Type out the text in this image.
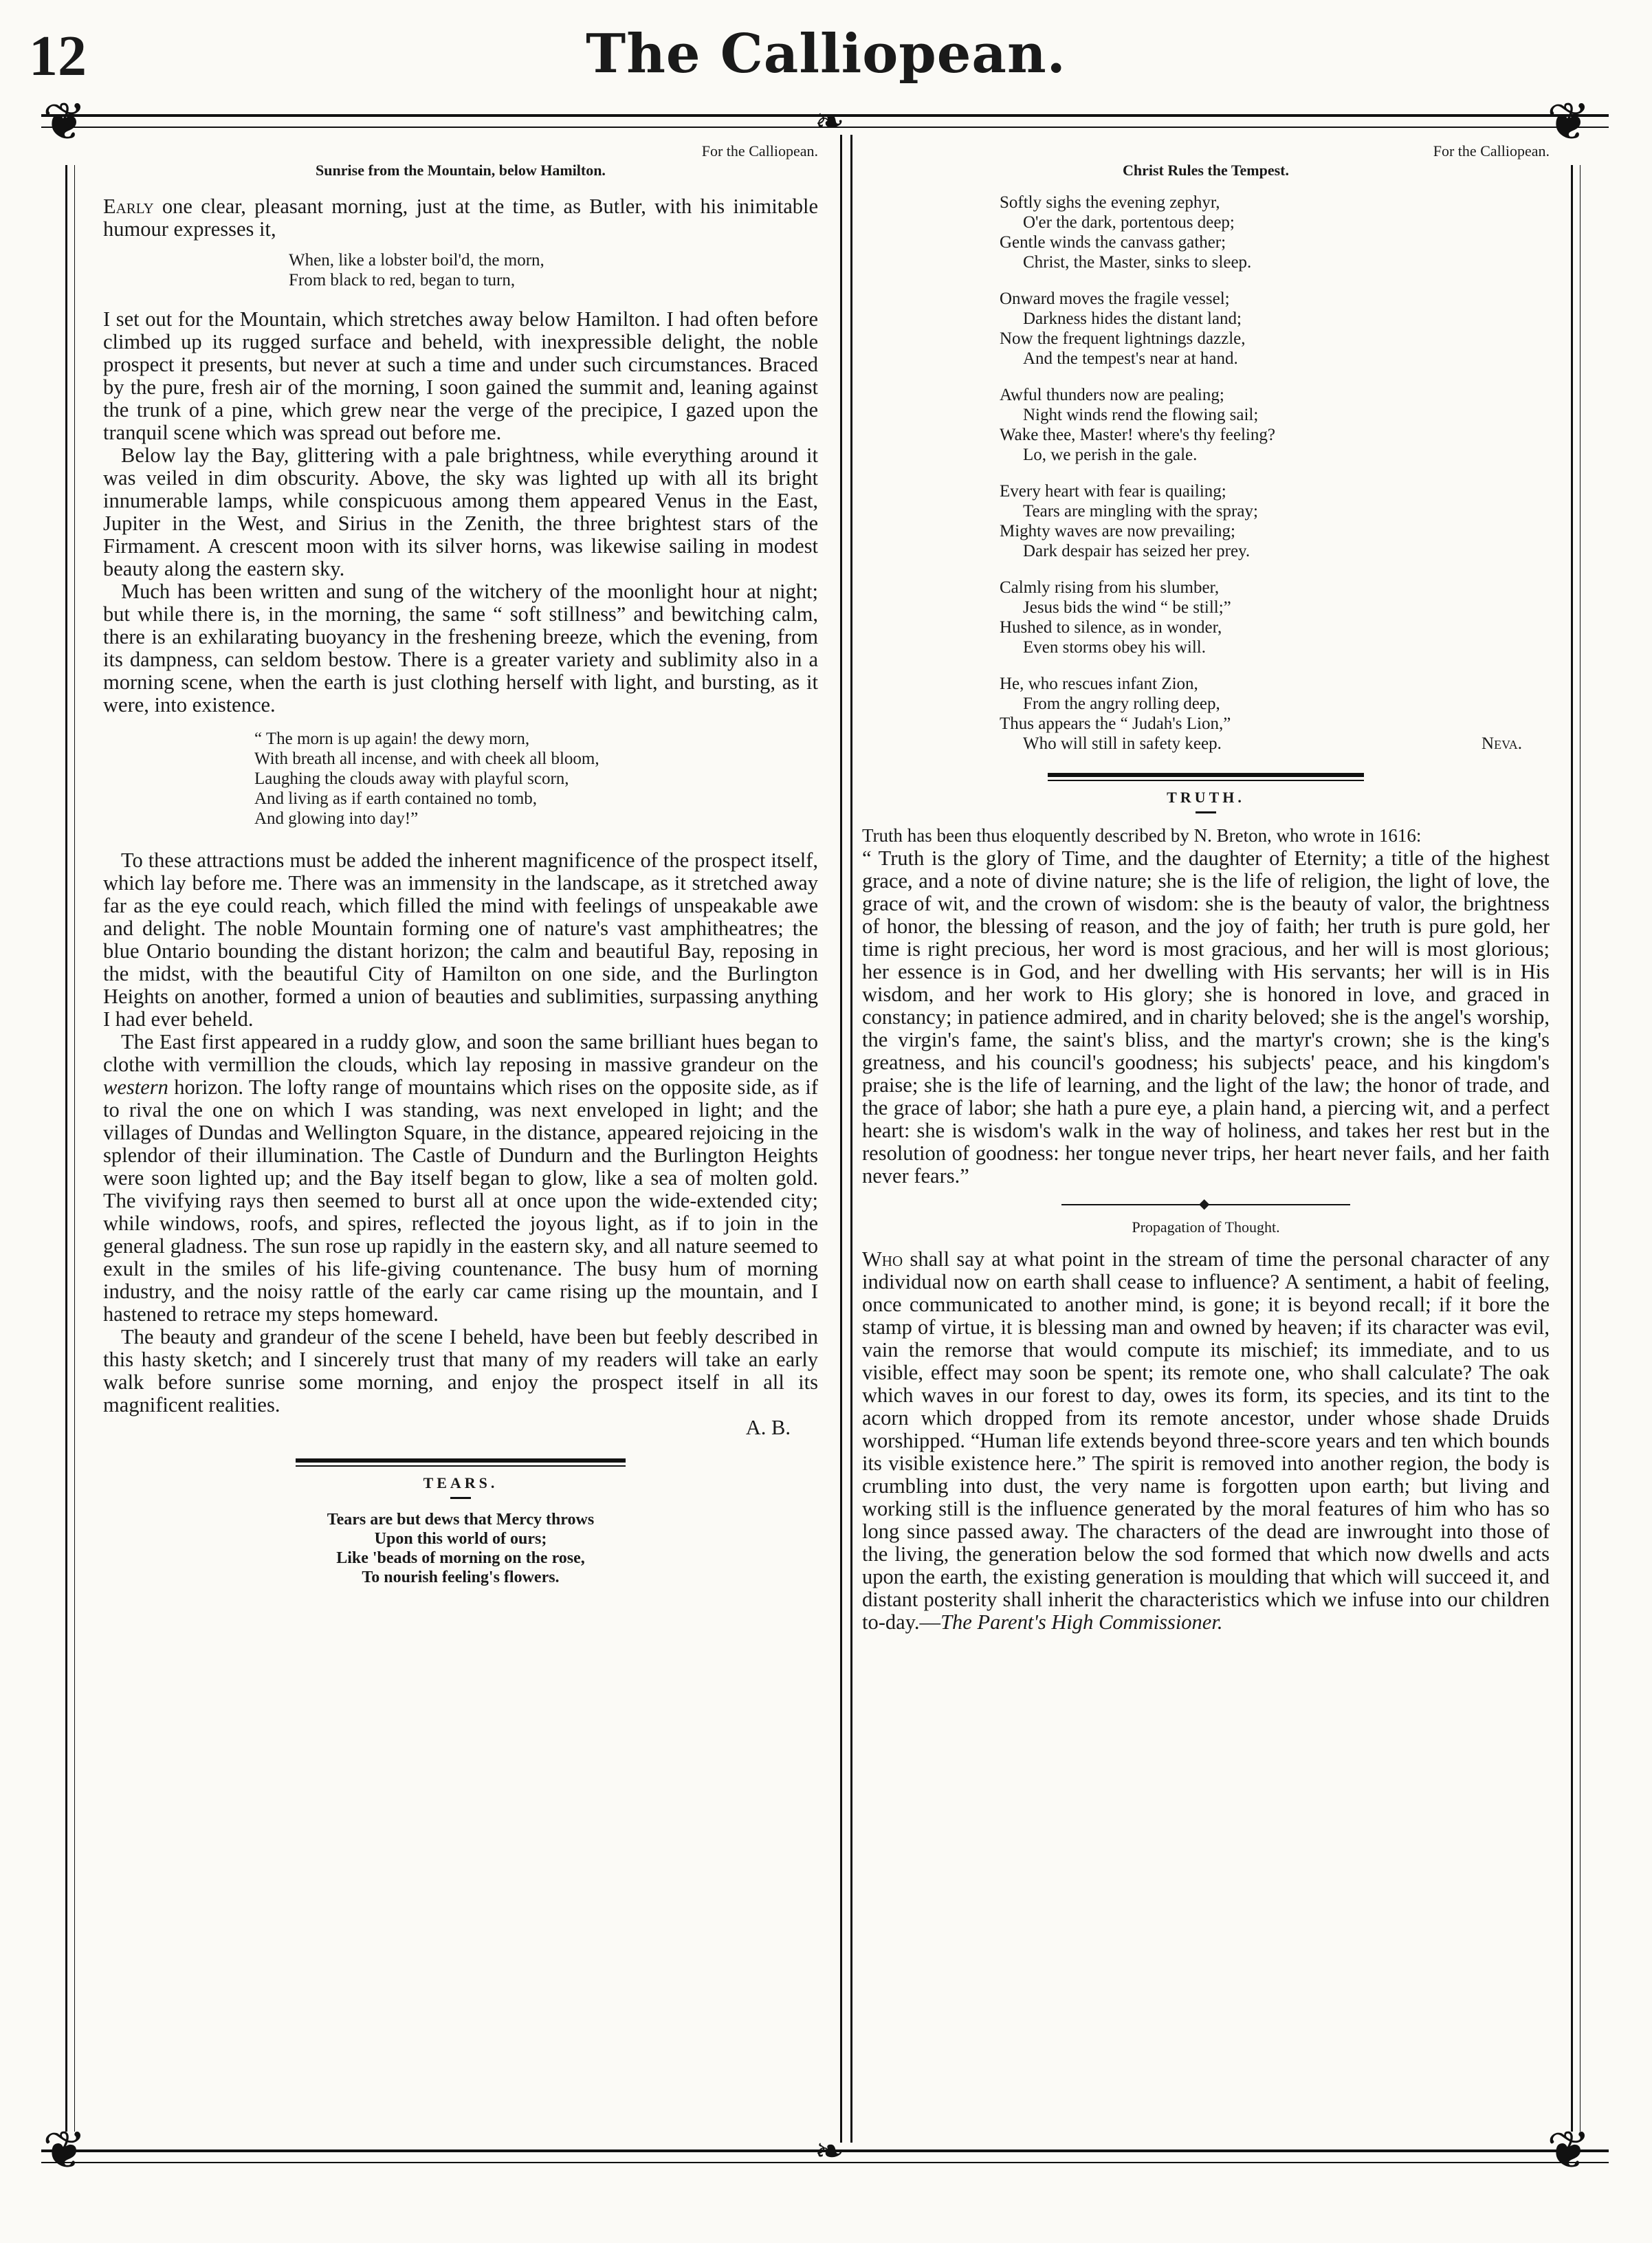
12	The Calliopean.
❦	❦
❦	❦
❧
❧
For the Calliopean.
Sunrise from the Mountain, below Hamilton.

Early one clear, pleasant morning, just at the time, as Butler, with his inimitable humour expresses it,

When, like a lobster boil'd, the morn,
From black to red, began to turn,

I set out for the Mountain, which stretches away below Hamilton. I had often before climbed up its rugged surface and beheld, with inexpressible delight, the noble prospect it presents, but never at such a time and under such circumstances. Braced by the pure, fresh air of the morning, I soon gained the summit and, leaning against the trunk of a pine, which grew near the verge of the precipice, I gazed upon the tranquil scene which was spread out before me.

Below lay the Bay, glittering with a pale brightness, while everything around it was veiled in dim obscurity. Above, the sky was lighted up with all its bright innumerable lamps, while conspicuous among them appeared Venus in the East, Jupiter in the West, and Sirius in the Zenith, the three brightest stars of the Firmament. A crescent moon with its silver horns, was likewise sailing in modest beauty along the eastern sky.

Much has been written and sung of the witchery of the moonlight hour at night; but while there is, in the morning, the same “ soft stillness” and bewitching calm, there is an exhilarating buoyancy in the freshening breeze, which the evening, from its dampness, can seldom bestow. There is a greater variety and sublimity also in a morning scene, when the earth is just clothing herself with light, and bursting, as it were, into existence.

“ The morn is up again! the dewy morn,
With breath all incense, and with cheek all bloom,
Laughing the clouds away with playful scorn,
And living as if earth contained no tomb,
And glowing into day!”

To these attractions must be added the inherent magnificence of the prospect itself, which lay before me. There was an immensity in the landscape, as it stretched away far as the eye could reach, which filled the mind with feelings of unspeakable awe and delight. The noble Mountain forming one of nature's vast amphitheatres; the blue Ontario bounding the distant horizon; the calm and beautiful Bay, reposing in the midst, with the beautiful City of Hamilton on one side, and the Burlington Heights on another, formed a union of beauties and sublimities, surpassing anything I had ever beheld.

The East first appeared in a ruddy glow, and soon the same brilliant hues began to clothe with vermillion the clouds, which lay reposing in massive grandeur on the western horizon. The lofty range of mountains which rises on the opposite side, as if to rival the one on which I was standing, was next enveloped in light; and the villages of Dundas and Wellington Square, in the distance, appeared rejoicing in the splendor of their illumination. The Castle of Dundurn and the Burlington Heights were soon lighted up; and the Bay itself began to glow, like a sea of molten gold. The vivifying rays then seemed to burst all at once upon the wide-extended city; while windows, roofs, and spires, reflected the joyous light, as if to join in the general gladness. The sun rose up rapidly in the eastern sky, and all nature seemed to exult in the smiles of his life-giving countenance. The busy hum of morning industry, and the noisy rattle of the early car came rising up the mountain, and I hastened to retrace my steps homeward.

The beauty and grandeur of the scene I beheld, have been but feebly described in this hasty sketch; and I sincerely trust that many of my readers will take an early walk before sunrise some morning, and enjoy the prospect itself in all its magnificent realities.

A. B.
TEARS.
Tears are but dews that Mercy throws
Upon this world of ours;
Like 'beads of morning on the rose,
To nourish feeling's flowers.
For the Calliopean.
Christ Rules the Tempest.
Softly sighs the evening zephyr,
O'er the dark, portentous deep;
Gentle winds the canvass gather;
Christ, the Master, sinks to sleep.
Onward moves the fragile vessel;
Darkness hides the distant land;
Now the frequent lightnings dazzle,
And the tempest's near at hand.
Awful thunders now are pealing;
Night winds rend the flowing sail;
Wake thee, Master! where's thy feeling?
Lo, we perish in the gale.
Every heart with fear is quailing;
Tears are mingling with the spray;
Mighty waves are now prevailing;
Dark despair has seized her prey.
Calmly rising from his slumber,
Jesus bids the wind “ be still;”
Hushed to silence, as in wonder,
Even storms obey his will.
He, who rescues infant Zion,
From the angry rolling deep,
Thus appears the “ Judah's Lion,”
Who will still in safety keep.	Neva.
TRUTH.

Truth has been thus eloquently described by N. Breton, who wrote in 1616:

“ Truth is the glory of Time, and the daughter of Eternity; a title of the highest grace, and a note of divine nature; she is the life of religion, the light of love, the grace of wit, and the crown of wisdom: she is the beauty of valor, the brightness of honor, the blessing of reason, and the joy of faith; her truth is pure gold, her time is right precious, her word is most gracious, and her will is most glorious; her essence is in God, and her dwelling with His servants; her will is in His wisdom, and her work to His glory; she is honored in love, and graced in constancy; in patience admired, and in charity beloved; she is the angel's worship, the virgin's fame, the saint's bliss, and the martyr's crown; she is the king's greatness, and his council's goodness; his subjects' peace, and his kingdom's praise; she is the life of learning, and the light of the law; the honor of trade, and the grace of labor; she hath a pure eye, a plain hand, a piercing wit, and a perfect heart: she is wisdom's walk in the way of holiness, and takes her rest but in the resolution of goodness: her tongue never trips, her heart never fails, and her faith never fears.”

◆
Propagation of Thought.

Who shall say at what point in the stream of time the personal character of any individual now on earth shall cease to influence? A sentiment, a habit of feeling, once communicated to another mind, is gone; it is beyond recall; if it bore the stamp of virtue, it is blessing man and owned by heaven; if its character was evil, vain the remorse that would compute its mischief; its immediate, and to us visible, effect may soon be spent; its remote one, who shall calculate? The oak which waves in our forest to day, owes its form, its species, and its tint to the acorn which dropped from its remote ancestor, under whose shade Druids worshipped. “Human life extends beyond three-score years and ten which bounds its visible existence here.” The spirit is removed into another region, the body is crumbling into dust, the very name is forgotten upon earth; but living and working still is the influence generated by the moral features of him who has so long since passed away. The characters of the dead are inwrought into those of the living, the generation below the sod formed that which now dwells and acts upon the earth, the existing generation is moulding that which will succeed it, and distant posterity shall inherit the characteristics which we infuse into our children to-day.—The Parent's High Commissioner.
